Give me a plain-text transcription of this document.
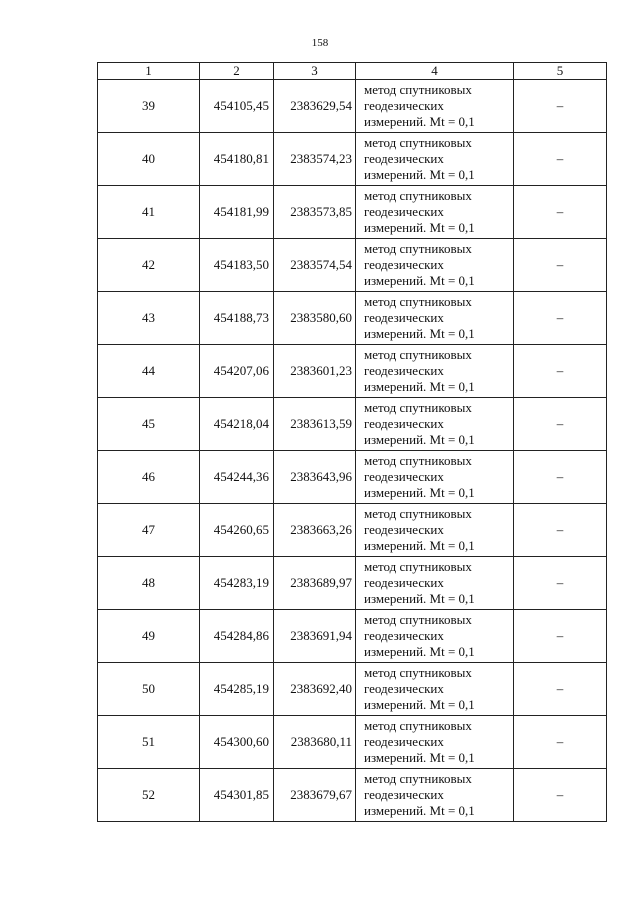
158
1	2	3	4	5
39	454105,45	2383629,54	метод спутниковых
геодезических
измерений. Mt = 0,1	–
40	454180,81	2383574,23	метод спутниковых
геодезических
измерений. Mt = 0,1	–
41	454181,99	2383573,85	метод спутниковых
геодезических
измерений. Mt = 0,1	–
42	454183,50	2383574,54	метод спутниковых
геодезических
измерений. Mt = 0,1	–
43	454188,73	2383580,60	метод спутниковых
геодезических
измерений. Mt = 0,1	–
44	454207,06	2383601,23	метод спутниковых
геодезических
измерений. Mt = 0,1	–
45	454218,04	2383613,59	метод спутниковых
геодезических
измерений. Mt = 0,1	–
46	454244,36	2383643,96	метод спутниковых
геодезических
измерений. Mt = 0,1	–
47	454260,65	2383663,26	метод спутниковых
геодезических
измерений. Mt = 0,1	–
48	454283,19	2383689,97	метод спутниковых
геодезических
измерений. Mt = 0,1	–
49	454284,86	2383691,94	метод спутниковых
геодезических
измерений. Mt = 0,1	–
50	454285,19	2383692,40	метод спутниковых
геодезических
измерений. Mt = 0,1	–
51	454300,60	2383680,11	метод спутниковых
геодезических
измерений. Mt = 0,1	–
52	454301,85	2383679,67	метод спутниковых
геодезических
измерений. Mt = 0,1	–
